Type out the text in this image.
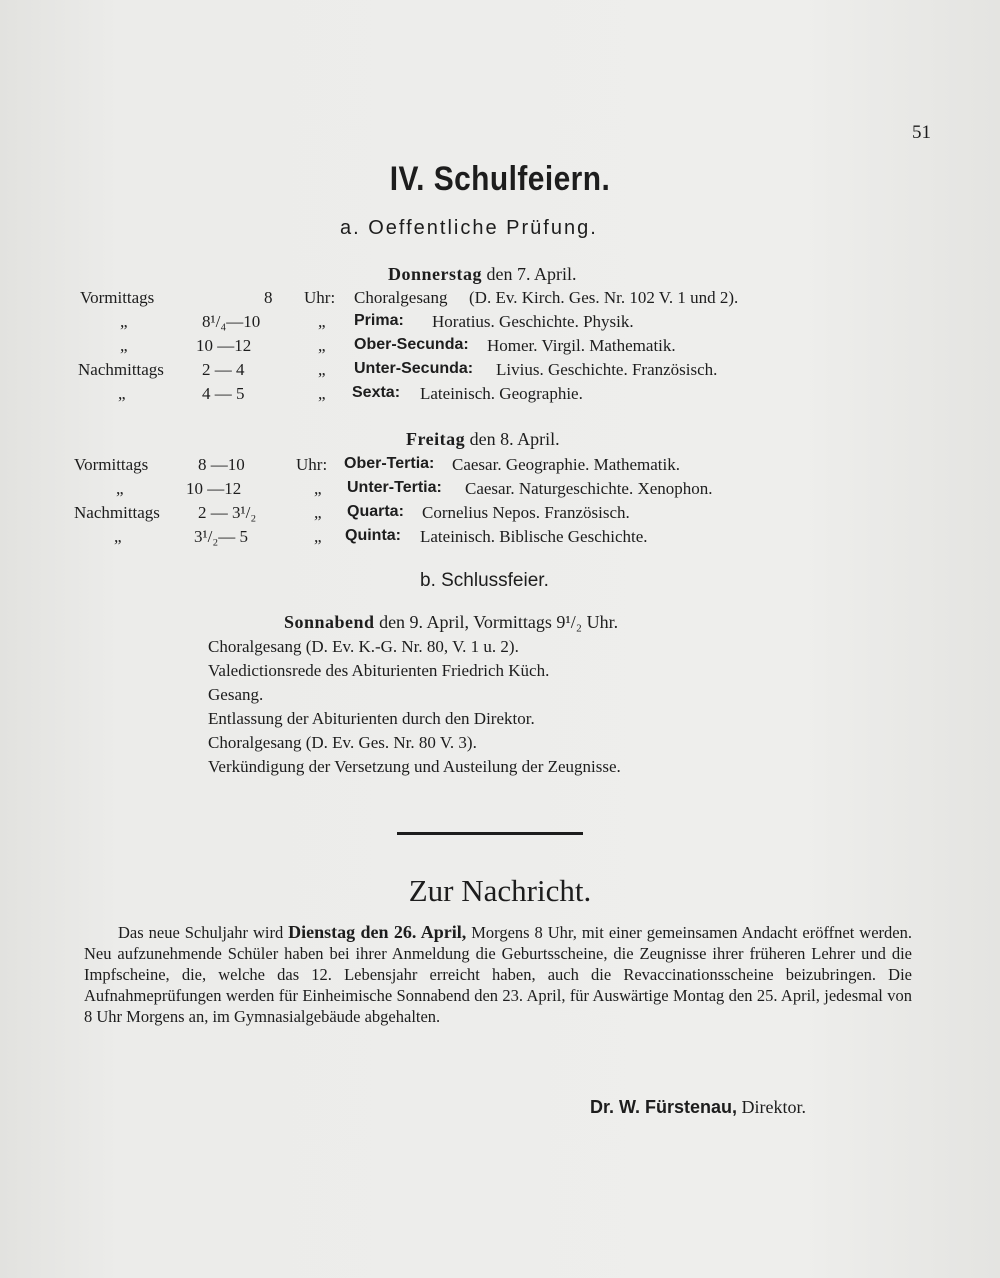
51
IV. Schulfeiern.
a. Oeffentliche Prüfung.
Donnerstag den 7. April.
Vormittags	8 Uhr: Choralgesang (D. Ev. Kirch. Ges. Nr. 102 V. 1 und 2).
„	8¹/₄—10	„ Prima: Horatius. Geschichte. Physik.
„	10 —12	„ Ober-Secunda: Homer. Virgil. Mathematik.
Nachmittags 2 — 4	„ Unter-Secunda: Livius. Geschichte. Französisch.
„	4 — 5	„ Sexta: Lateinisch. Geographie.
Freitag den 8. April.
Vormittags	8 —10	Uhr: Ober-Tertia: Caesar. Geographie. Mathematik.
„	10 —12	„ Unter-Tertia: Caesar. Naturgeschichte. Xenophon.
Nachmittags 2 — 3¹/₂	„ Quarta: Cornelius Nepos. Französisch.
„	3¹/₂— 5	„ Quinta: Lateinisch. Biblische Geschichte.
b. Schlussfeier.
Sonnabend den 9. April, Vormittags 9¹/₂ Uhr.
Choralgesang (D. Ev. K.-G. Nr. 80, V. 1 u. 2).
Valedictionsrede des Abiturienten Friedrich Küch.
Gesang.
Entlassung der Abiturienten durch den Direktor.
Choralgesang (D. Ev. Ges. Nr. 80 V. 3).
Verkündigung der Versetzung und Austeilung der Zeugnisse.
Zur Nachricht.
Das neue Schuljahr wird Dienstag den 26. April, Morgens 8 Uhr, mit einer gemeinsamen Andacht eröffnet werden. Neu aufzunehmende Schüler haben bei ihrer Anmeldung die Geburtsscheine, die Zeugnisse ihrer früheren Lehrer und die Impfscheine, die, welche das 12. Lebensjahr erreicht haben, auch die Revaccinationsscheine beizubringen. Die Aufnahmeprüfungen werden für Einheimische Sonnabend den 23. April, für Auswärtige Montag den 25. April, jedesmal von 8 Uhr Morgens an, im Gymnasialgebäude abgehalten.
Dr. W. Fürstenau, Direktor.
